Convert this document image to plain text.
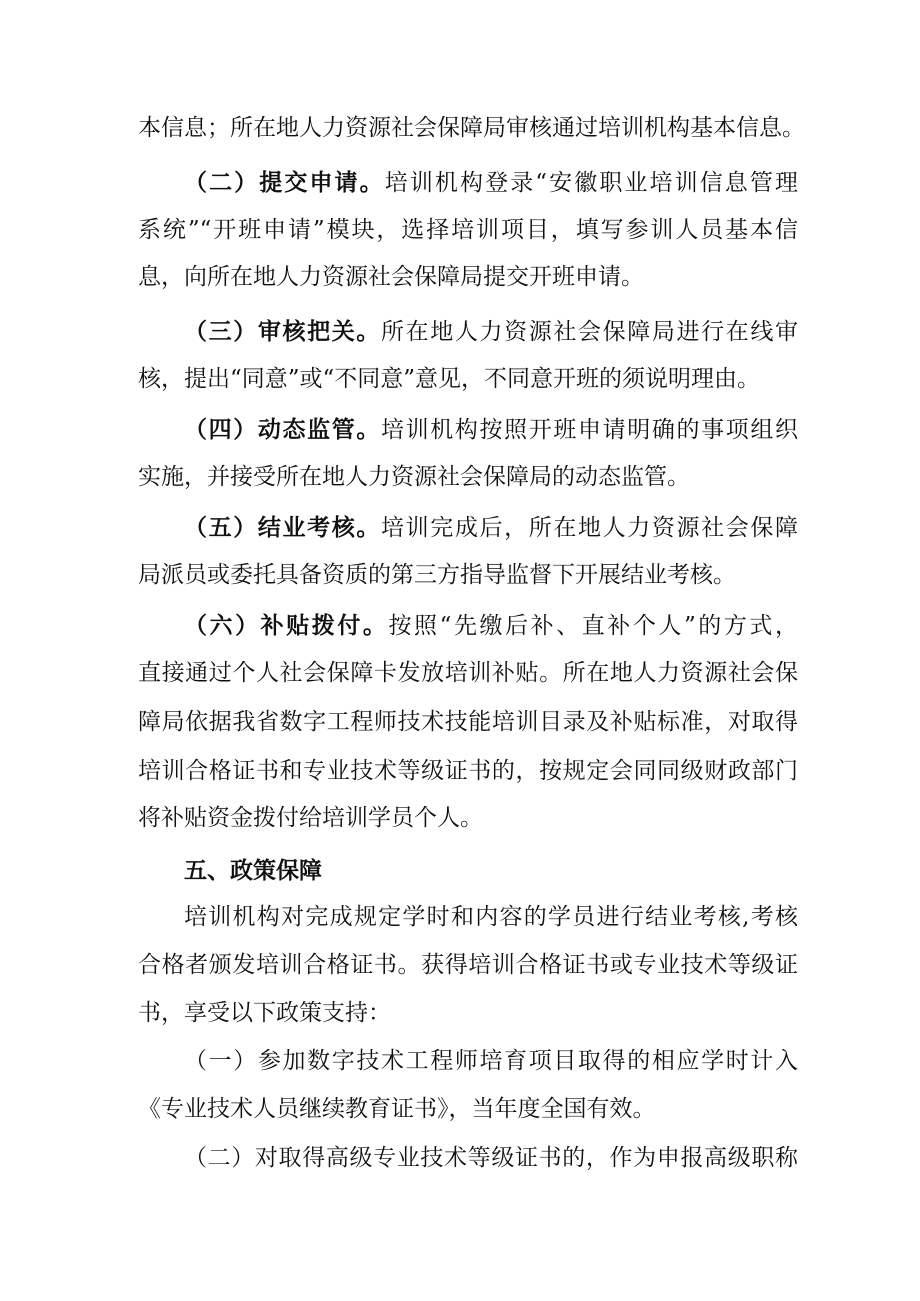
本信息；所在地人力资源社会保障局审核通过培训机构基本信息。
（二）提交申请。培训机构登录“安徽职业培训信息管理
系统”“开班申请”模块，选择培训项目，填写参训人员基本信
息，向所在地人力资源社会保障局提交开班申请。
（三）审核把关。所在地人力资源社会保障局进行在线审
核，提出“同意”或“不同意”意见，不同意开班的须说明理由。
（四）动态监管。培训机构按照开班申请明确的事项组织
实施，并接受所在地人力资源社会保障局的动态监管。
（五）结业考核。培训完成后，所在地人力资源社会保障
局派员或委托具备资质的第三方指导监督下开展结业考核。
（六）补贴拨付。按照“先缴后补、直补个人”的方式，
直接通过个人社会保障卡发放培训补贴。所在地人力资源社会保
障局依据我省数字工程师技术技能培训目录及补贴标准，对取得
培训合格证书和专业技术等级证书的，按规定会同同级财政部门
将补贴资金拨付给培训学员个人。
五、政策保障
培训机构对完成规定学时和内容的学员进行结业考核,考核
合格者颁发培训合格证书。获得培训合格证书或专业技术等级证
书，享受以下政策支持：
（一）参加数字技术工程师培育项目取得的相应学时计入
《专业技术人员继续教育证书》，当年度全国有效。
（二）对取得高级专业技术等级证书的，作为申报高级职称
